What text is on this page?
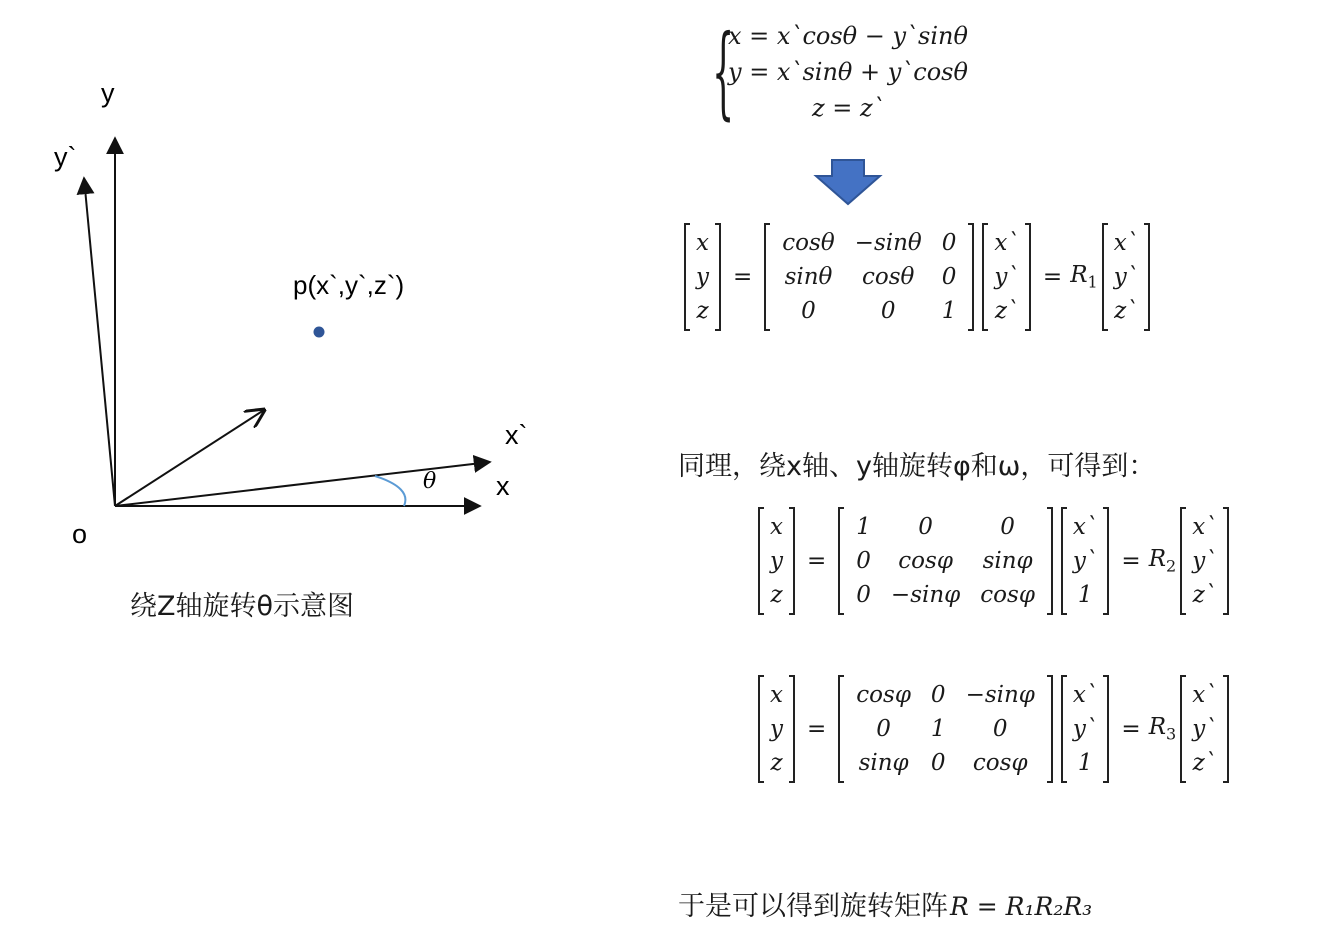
y
y`
x`
x
o
θ
p(x`,y`,z`)
绕Z轴旋转θ示意图
{
x = x`cosθ − y`sinθ
y = x`sinθ + y`cosθ
z = z`
x
y
z
=
cosθ −sinθ 0
sinθ	cosθ	0
0	0	1
x`
y`
z`
= $R_1$
x`
y`
z`
同理，绕x轴、y轴旋转φ和ω，可得到：
x
y
z
=
1	0	0
0	cosφ	sinφ
0 −sinφ cosφ
x`
y`
1
= $R_2$
x`
y`
z`
x
y
z
=
cosφ 0 −sinφ
0	1	0
sinφ 0	cosφ
x`
y`
1
= $R_3$
x`
y`
z`
于是可以得到旋转矩阵R = R₁R₂R₃
